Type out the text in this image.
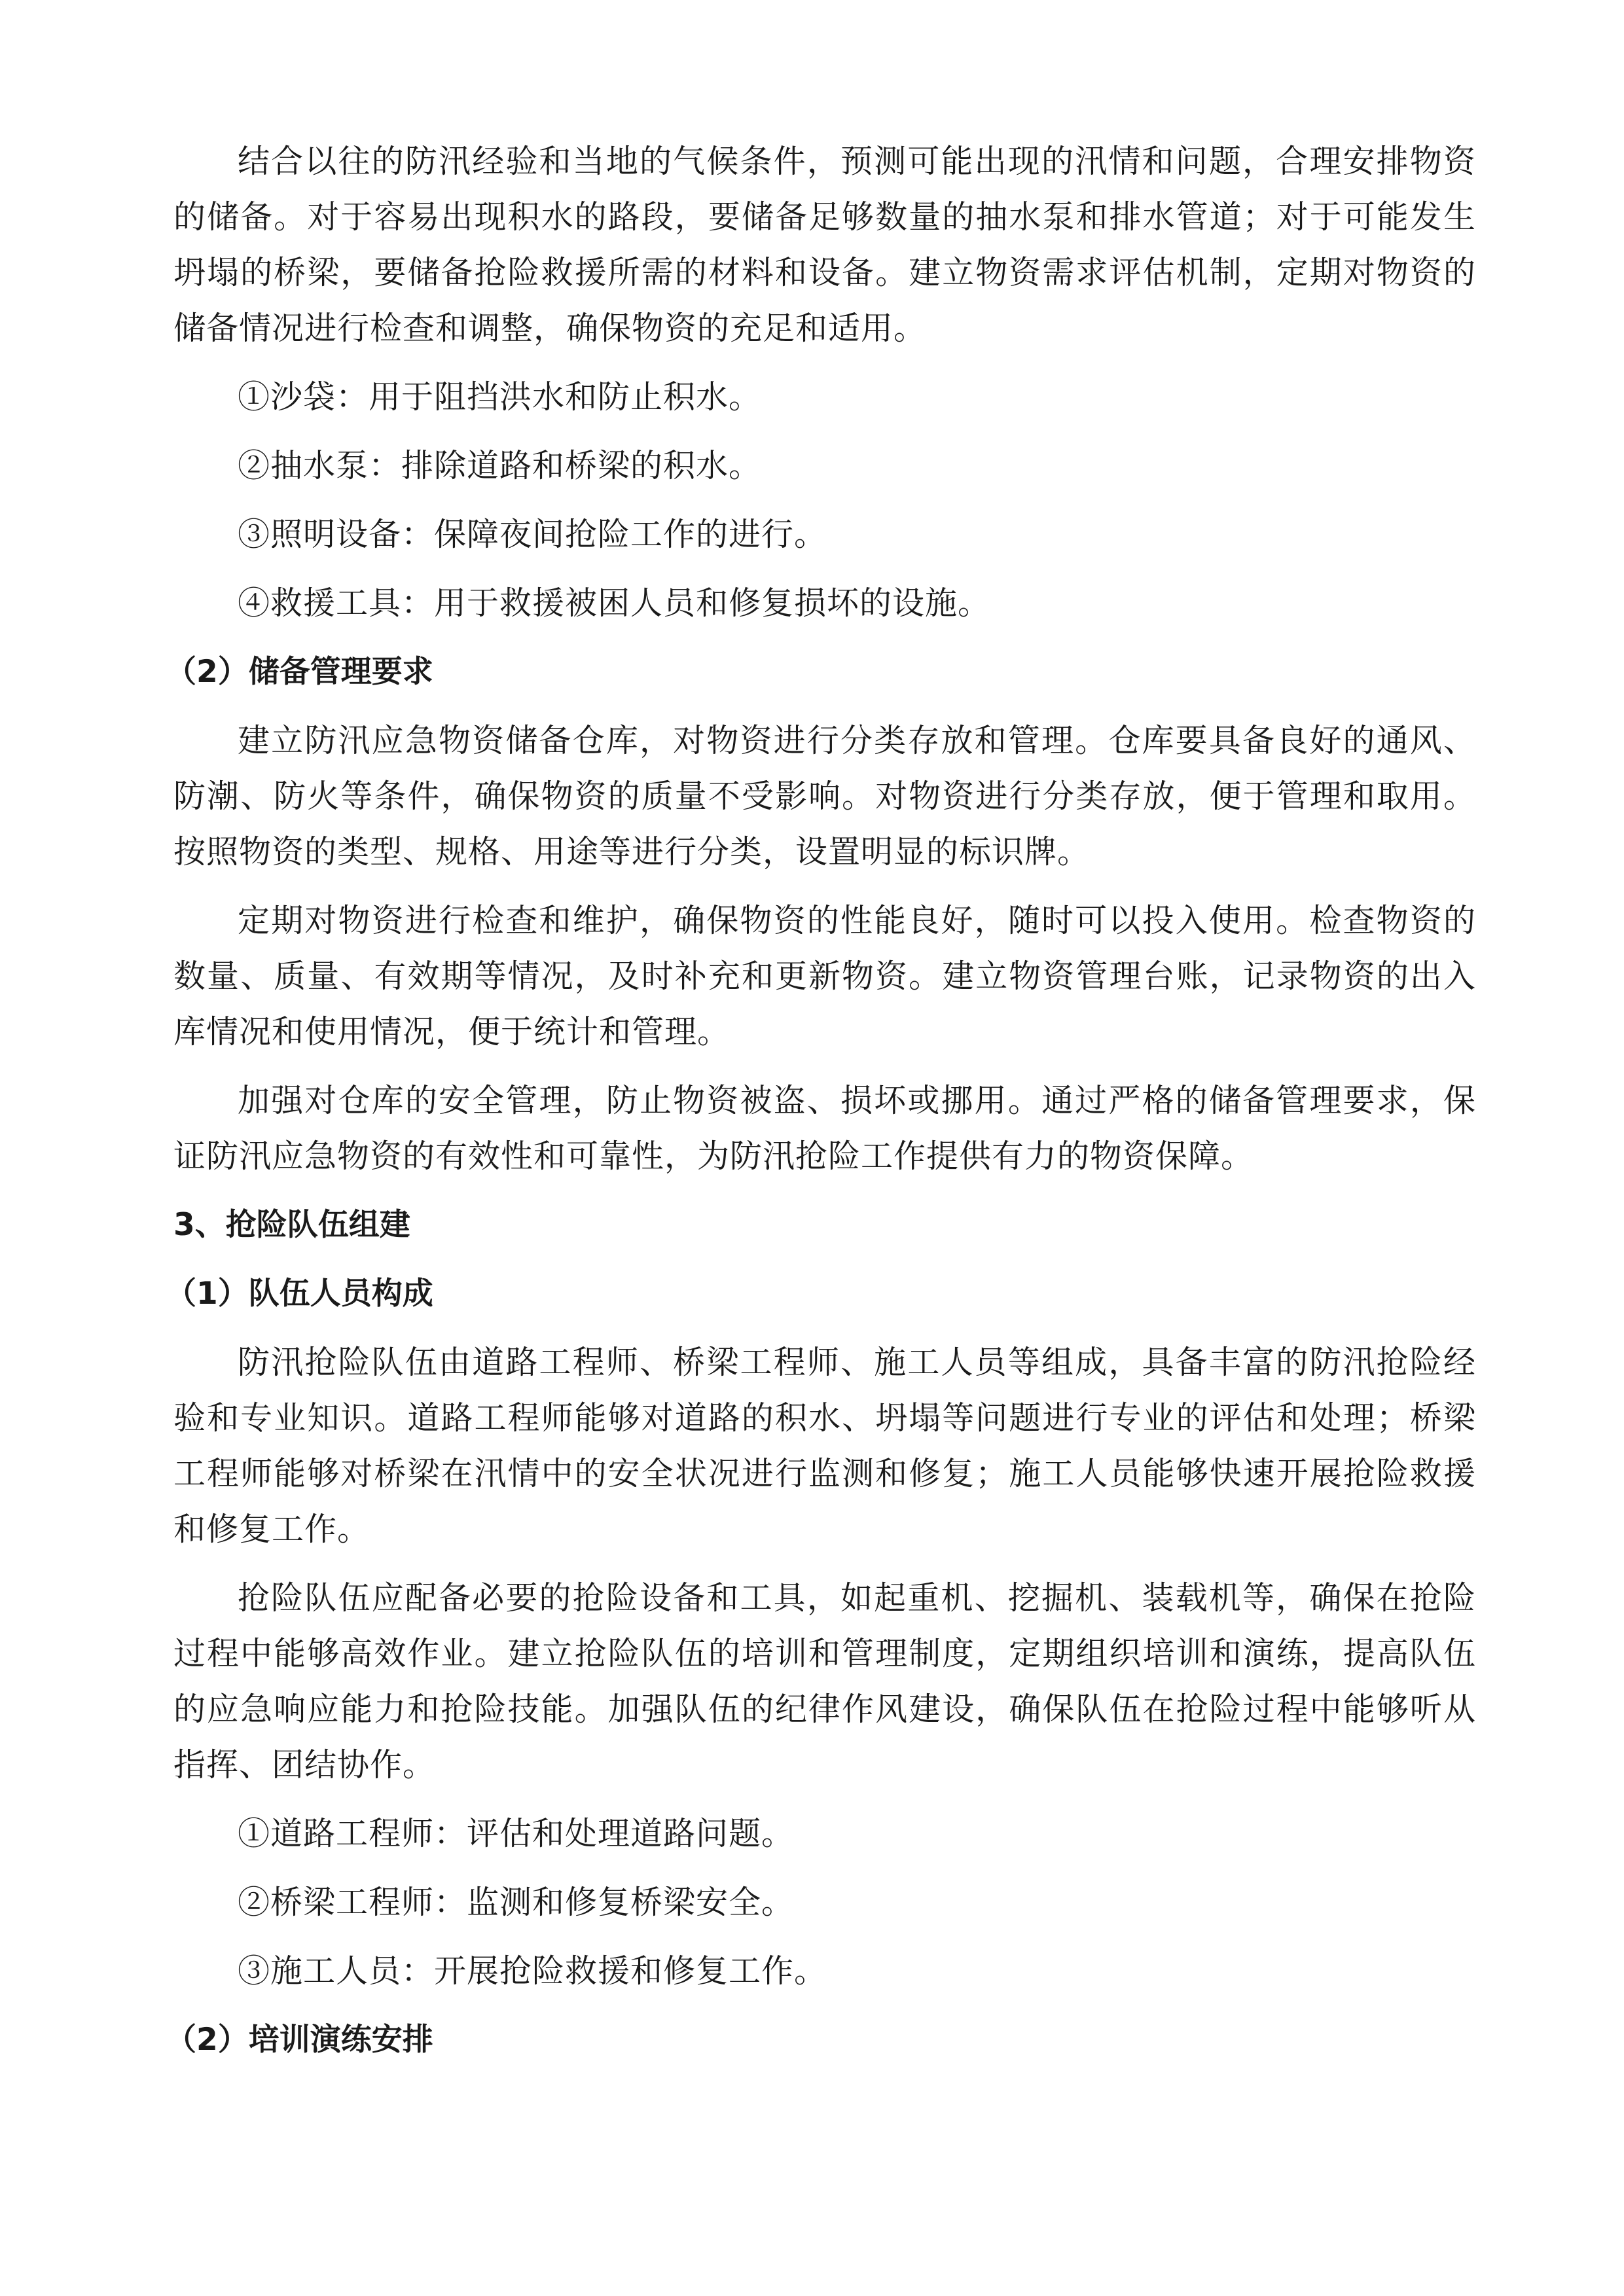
结合以往的防汛经验和当地的气候条件，预测可能出现的汛情和问题，合理安排物资的储备。对于容易出现积水的路段，要储备足够数量的抽水泵和排水管道；对于可能发生坍塌的桥梁，要储备抢险救援所需的材料和设备。建立物资需求评估机制，定期对物资的储备情况进行检查和调整，确保物资的充足和适用。

①沙袋：用于阻挡洪水和防止积水。

②抽水泵：排除道路和桥梁的积水。

③照明设备：保障夜间抢险工作的进行。

④救援工具：用于救援被困人员和修复损坏的设施。

（2）储备管理要求

建立防汛应急物资储备仓库，对物资进行分类存放和管理。仓库要具备良好的通风、防潮、防火等条件，确保物资的质量不受影响。对物资进行分类存放，便于管理和取用。按照物资的类型、规格、用途等进行分类，设置明显的标识牌。

定期对物资进行检查和维护，确保物资的性能良好，随时可以投入使用。检查物资的数量、质量、有效期等情况，及时补充和更新物资。建立物资管理台账，记录物资的出入库情况和使用情况，便于统计和管理。

加强对仓库的安全管理，防止物资被盗、损坏或挪用。通过严格的储备管理要求，保证防汛应急物资的有效性和可靠性，为防汛抢险工作提供有力的物资保障。

3、抢险队伍组建

（1）队伍人员构成

防汛抢险队伍由道路工程师、桥梁工程师、施工人员等组成，具备丰富的防汛抢险经验和专业知识。道路工程师能够对道路的积水、坍塌等问题进行专业的评估和处理；桥梁工程师能够对桥梁在汛情中的安全状况进行监测和修复；施工人员能够快速开展抢险救援和修复工作。

抢险队伍应配备必要的抢险设备和工具，如起重机、挖掘机、装载机等，确保在抢险过程中能够高效作业。建立抢险队伍的培训和管理制度，定期组织培训和演练，提高队伍的应急响应能力和抢险技能。加强队伍的纪律作风建设，确保队伍在抢险过程中能够听从指挥、团结协作。

①道路工程师：评估和处理道路问题。

②桥梁工程师：监测和修复桥梁安全。

③施工人员：开展抢险救援和修复工作。

（2）培训演练安排
